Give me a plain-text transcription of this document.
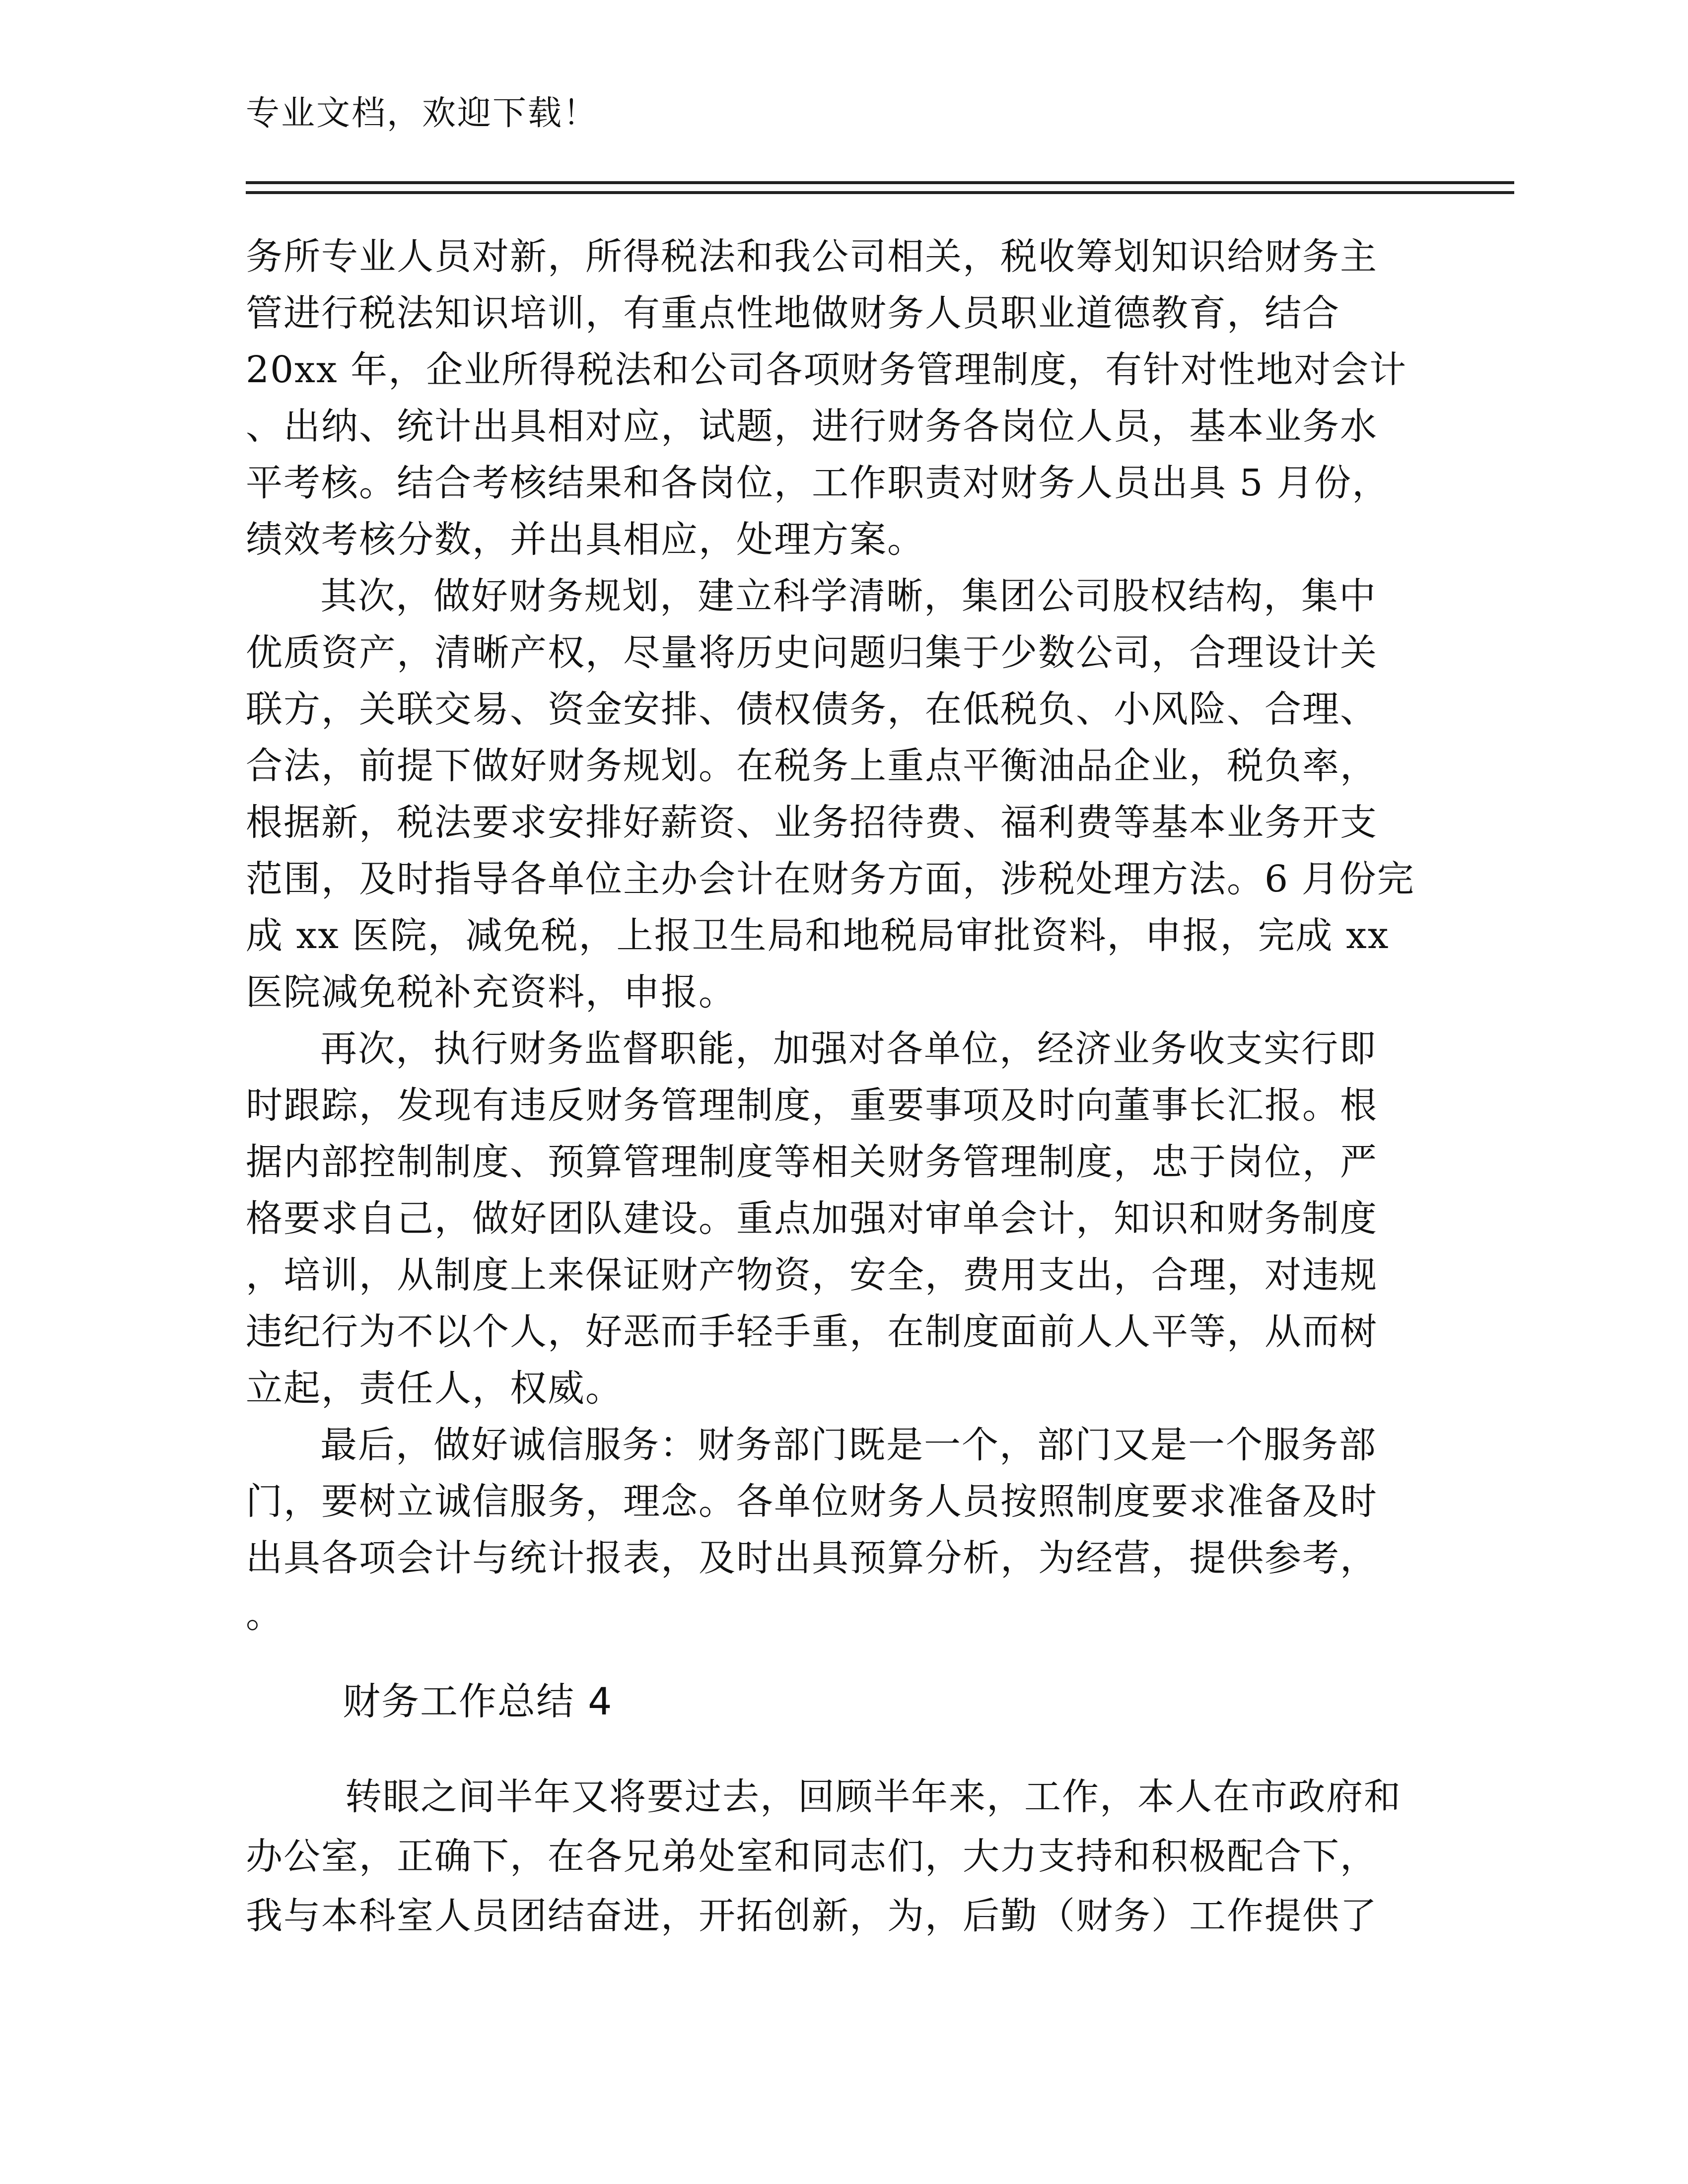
专业文档，欢迎下载！
务所专业人员对新，所得税法和我公司相关，税收筹划知识给财务主
管进行税法知识培训，有重点性地做财务人员职业道德教育，结合
20xx 年，企业所得税法和公司各项财务管理制度，有针对性地对会计
、出纳、统计出具相对应，试题，进行财务各岗位人员，基本业务水
平考核。结合考核结果和各岗位，工作职责对财务人员出具 5 月份，
绩效考核分数，并出具相应，处理方案。
其次，做好财务规划，建立科学清晰，集团公司股权结构，集中
优质资产，清晰产权，尽量将历史问题归集于少数公司，合理设计关
联方，关联交易、资金安排、债权债务，在低税负、小风险、合理、
合法，前提下做好财务规划。在税务上重点平衡油品企业，税负率，
根据新，税法要求安排好薪资、业务招待费、福利费等基本业务开支
范围，及时指导各单位主办会计在财务方面，涉税处理方法。6 月份完
成 xx 医院，减免税，上报卫生局和地税局审批资料，申报，完成 xx
医院减免税补充资料，申报。
再次，执行财务监督职能，加强对各单位，经济业务收支实行即
时跟踪，发现有违反财务管理制度，重要事项及时向董事长汇报。根
据内部控制制度、预算管理制度等相关财务管理制度，忠于岗位，严
格要求自己，做好团队建设。重点加强对审单会计，知识和财务制度
，培训，从制度上来保证财产物资，安全，费用支出，合理，对违规
违纪行为不以个人，好恶而手轻手重，在制度面前人人平等，从而树
立起，责任人，权威。
最后，做好诚信服务：财务部门既是一个，部门又是一个服务部
门，要树立诚信服务，理念。各单位财务人员按照制度要求准备及时
出具各项会计与统计报表，及时出具预算分析，为经营，提供参考，
。
财务工作总结 4
转眼之间半年又将要过去，回顾半年来，工作，本人在市政府和
办公室，正确下，在各兄弟处室和同志们，大力支持和积极配合下，
我与本科室人员团结奋进，开拓创新，为，后勤（财务）工作提供了
